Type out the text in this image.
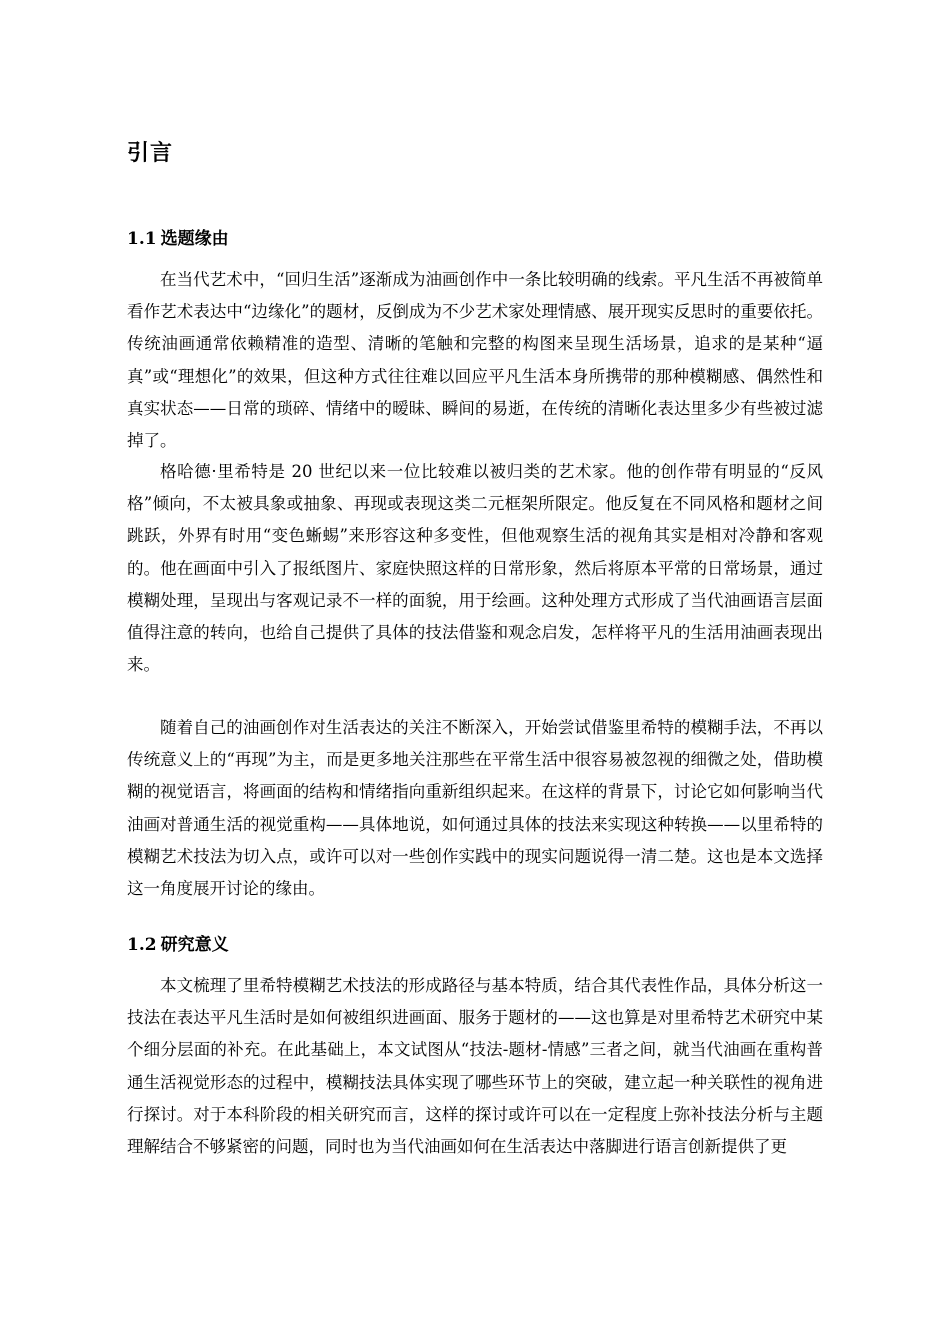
引言
1.1 选题缘由

在当代艺术中，“回归生活”逐渐成为油画创作中一条比较明确的线索。平凡生活不再被简单看作艺术表达中“边缘化”的题材，反倒成为不少艺术家处理情感、展开现实反思时的重要依托。传统油画通常依赖精准的造型、清晰的笔触和完整的构图来呈现生活场景，追求的是某种“逼真”或“理想化”的效果，但这种方式往往难以回应平凡生活本身所携带的那种模糊感、偶然性和真实状态——日常的琐碎、情绪中的暧昧、瞬间的易逝，在传统的清晰化表达里多少有些被过滤掉了。

格哈德·里希特是 20 世纪以来一位比较难以被归类的艺术家。他的创作带有明显的“反风格”倾向，不太被具象或抽象、再现或表现这类二元框架所限定。他反复在不同风格和题材之间跳跃，外界有时用“变色蜥蜴”来形容这种多变性，但他观察生活的视角其实是相对冷静和客观的。他在画面中引入了报纸图片、家庭快照这样的日常形象，然后将原本平常的日常场景，通过模糊处理，呈现出与客观记录不一样的面貌，用于绘画。这种处理方式形成了当代油画语言层面值得注意的转向，也给自己提供了具体的技法借鉴和观念启发，怎样将平凡的生活用油画表现出来。

随着自己的油画创作对生活表达的关注不断深入，开始尝试借鉴里希特的模糊手法，不再以传统意义上的“再现”为主，而是更多地关注那些在平常生活中很容易被忽视的细微之处，借助模糊的视觉语言，将画面的结构和情绪指向重新组织起来。在这样的背景下，讨论它如何影响当代油画对普通生活的视觉重构——具体地说，如何通过具体的技法来实现这种转换——以里希特的模糊艺术技法为切入点，或许可以对一些创作实践中的现实问题说得一清二楚。这也是本文选择这一角度展开讨论的缘由。

1.2 研究意义

本文梳理了里希特模糊艺术技法的形成路径与基本特质，结合其代表性作品，具体分析这一技法在表达平凡生活时是如何被组织进画面、服务于题材的——这也算是对里希特艺术研究中某个细分层面的补充。在此基础上，本文试图从“技法-题材-情感”三者之间，就当代油画在重构普通生活视觉形态的过程中，模糊技法具体实现了哪些环节上的突破，建立起一种关联性的视角进行探讨。对于本科阶段的相关研究而言，这样的探讨或许可以在一定程度上弥补技法分析与主题理解结合不够紧密的问题，同时也为当代油画如何在生活表达中落脚进行语言创新提供了更
